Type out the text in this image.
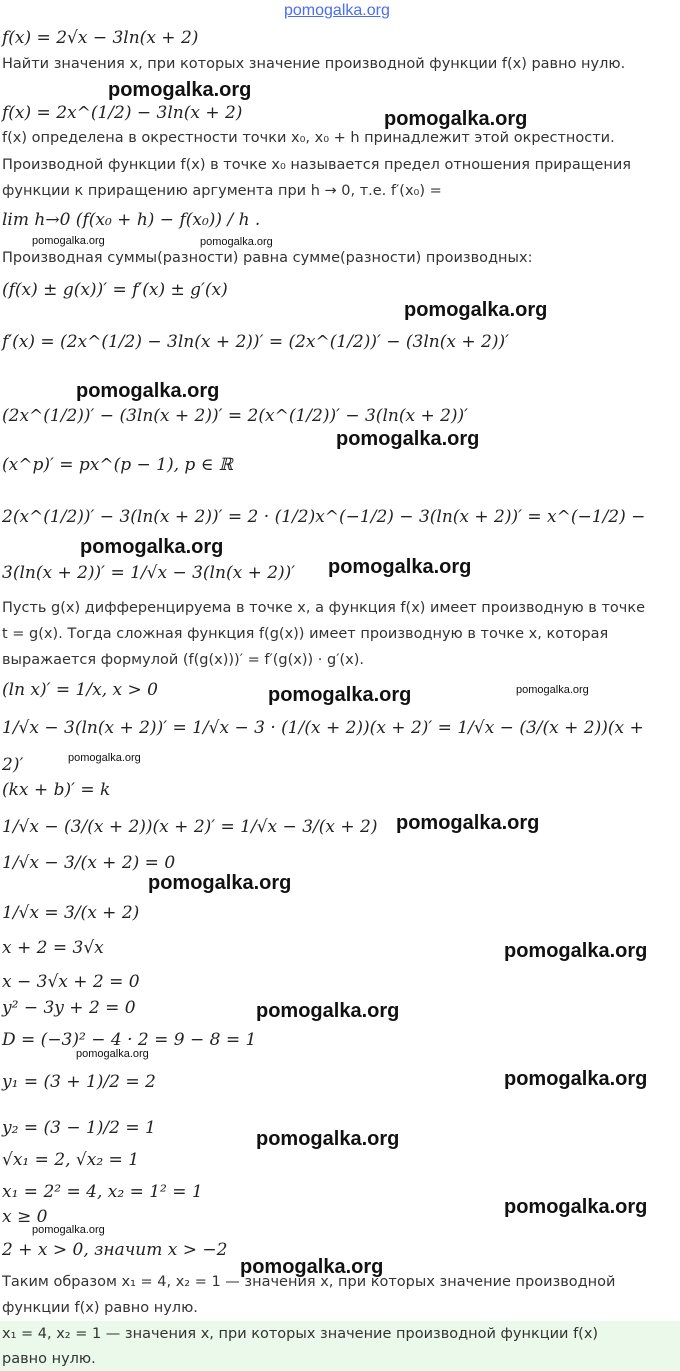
f(x) = 2√x − 3ln(x + 2)
Найти значения x, при которых значение производной функции f(x) равно нулю.
f(x) = 2x^(1/2) − 3ln(x + 2)
f(x) определена в окрестности точки x₀, x₀ + h принадлежит этой окрестности.
Производной функции f(x) в точке x₀ называется предел отношения приращения
функции к приращению аргумента при h → 0, т.е. f′(x₀) =
lim h→0 (f(x₀ + h) − f(x₀)) / h .
Производная суммы(разности) равна сумме(разности) производных:
(f(x) ± g(x))′ = f′(x) ± g′(x)
f′(x) = (2x^(1/2) − 3ln(x + 2))′ = (2x^(1/2))′ − (3ln(x + 2))′
(2x^(1/2))′ − (3ln(x + 2))′ = 2(x^(1/2))′ − 3(ln(x + 2))′
(x^p)′ = px^(p − 1), p ∈ ℝ
2(x^(1/2))′ − 3(ln(x + 2))′ = 2 · (1/2)x^(−1/2) − 3(ln(x + 2))′ = x^(−1/2) −
3(ln(x + 2))′ = 1/√x − 3(ln(x + 2))′
Пусть g(x) дифференцируема в точке x, а функция f(x) имеет производную в точке
t = g(x). Тогда сложная функция f(g(x)) имеет производную в точке x, которая
выражается формулой (f(g(x)))′ = f′(g(x)) · g′(x).
(ln x)′ = 1/x, x > 0
1/√x − 3(ln(x + 2))′ = 1/√x − 3 · (1/(x + 2))(x + 2)′ = 1/√x − (3/(x + 2))(x +
2)′
(kx + b)′ = k
1/√x − (3/(x + 2))(x + 2)′ = 1/√x − 3/(x + 2)
1/√x − 3/(x + 2) = 0
1/√x = 3/(x + 2)
x + 2 = 3√x
x − 3√x + 2 = 0
y² − 3y + 2 = 0
D = (−3)² − 4 · 2 = 9 − 8 = 1
y₁ = (3 + 1)/2 = 2
y₂ = (3 − 1)/2 = 1
√x₁ = 2, √x₂ = 1
x₁ = 2² = 4, x₂ = 1² = 1
x ≥ 0
2 + x > 0, значит x > −2
Таким образом x₁ = 4, x₂ = 1 — значения x, при которых значение производной
функции f(x) равно нулю.
x₁ = 4, x₂ = 1 — значения x, при которых значение производной функции f(x)
равно нулю.
pomogalka.org
pomogalka.org
pomogalka.org
pomogalka.org	pomogalka.org
pomogalka.org
pomogalka.org
pomogalka.org
pomogalka.org
pomogalka.org
pomogalka.org	pomogalka.org
pomogalka.org
pomogalka.org
pomogalka.org
pomogalka.org
pomogalka.org
pomogalka.org
pomogalka.org
pomogalka.org
pomogalka.org
pomogalka.org
pomogalka.org
